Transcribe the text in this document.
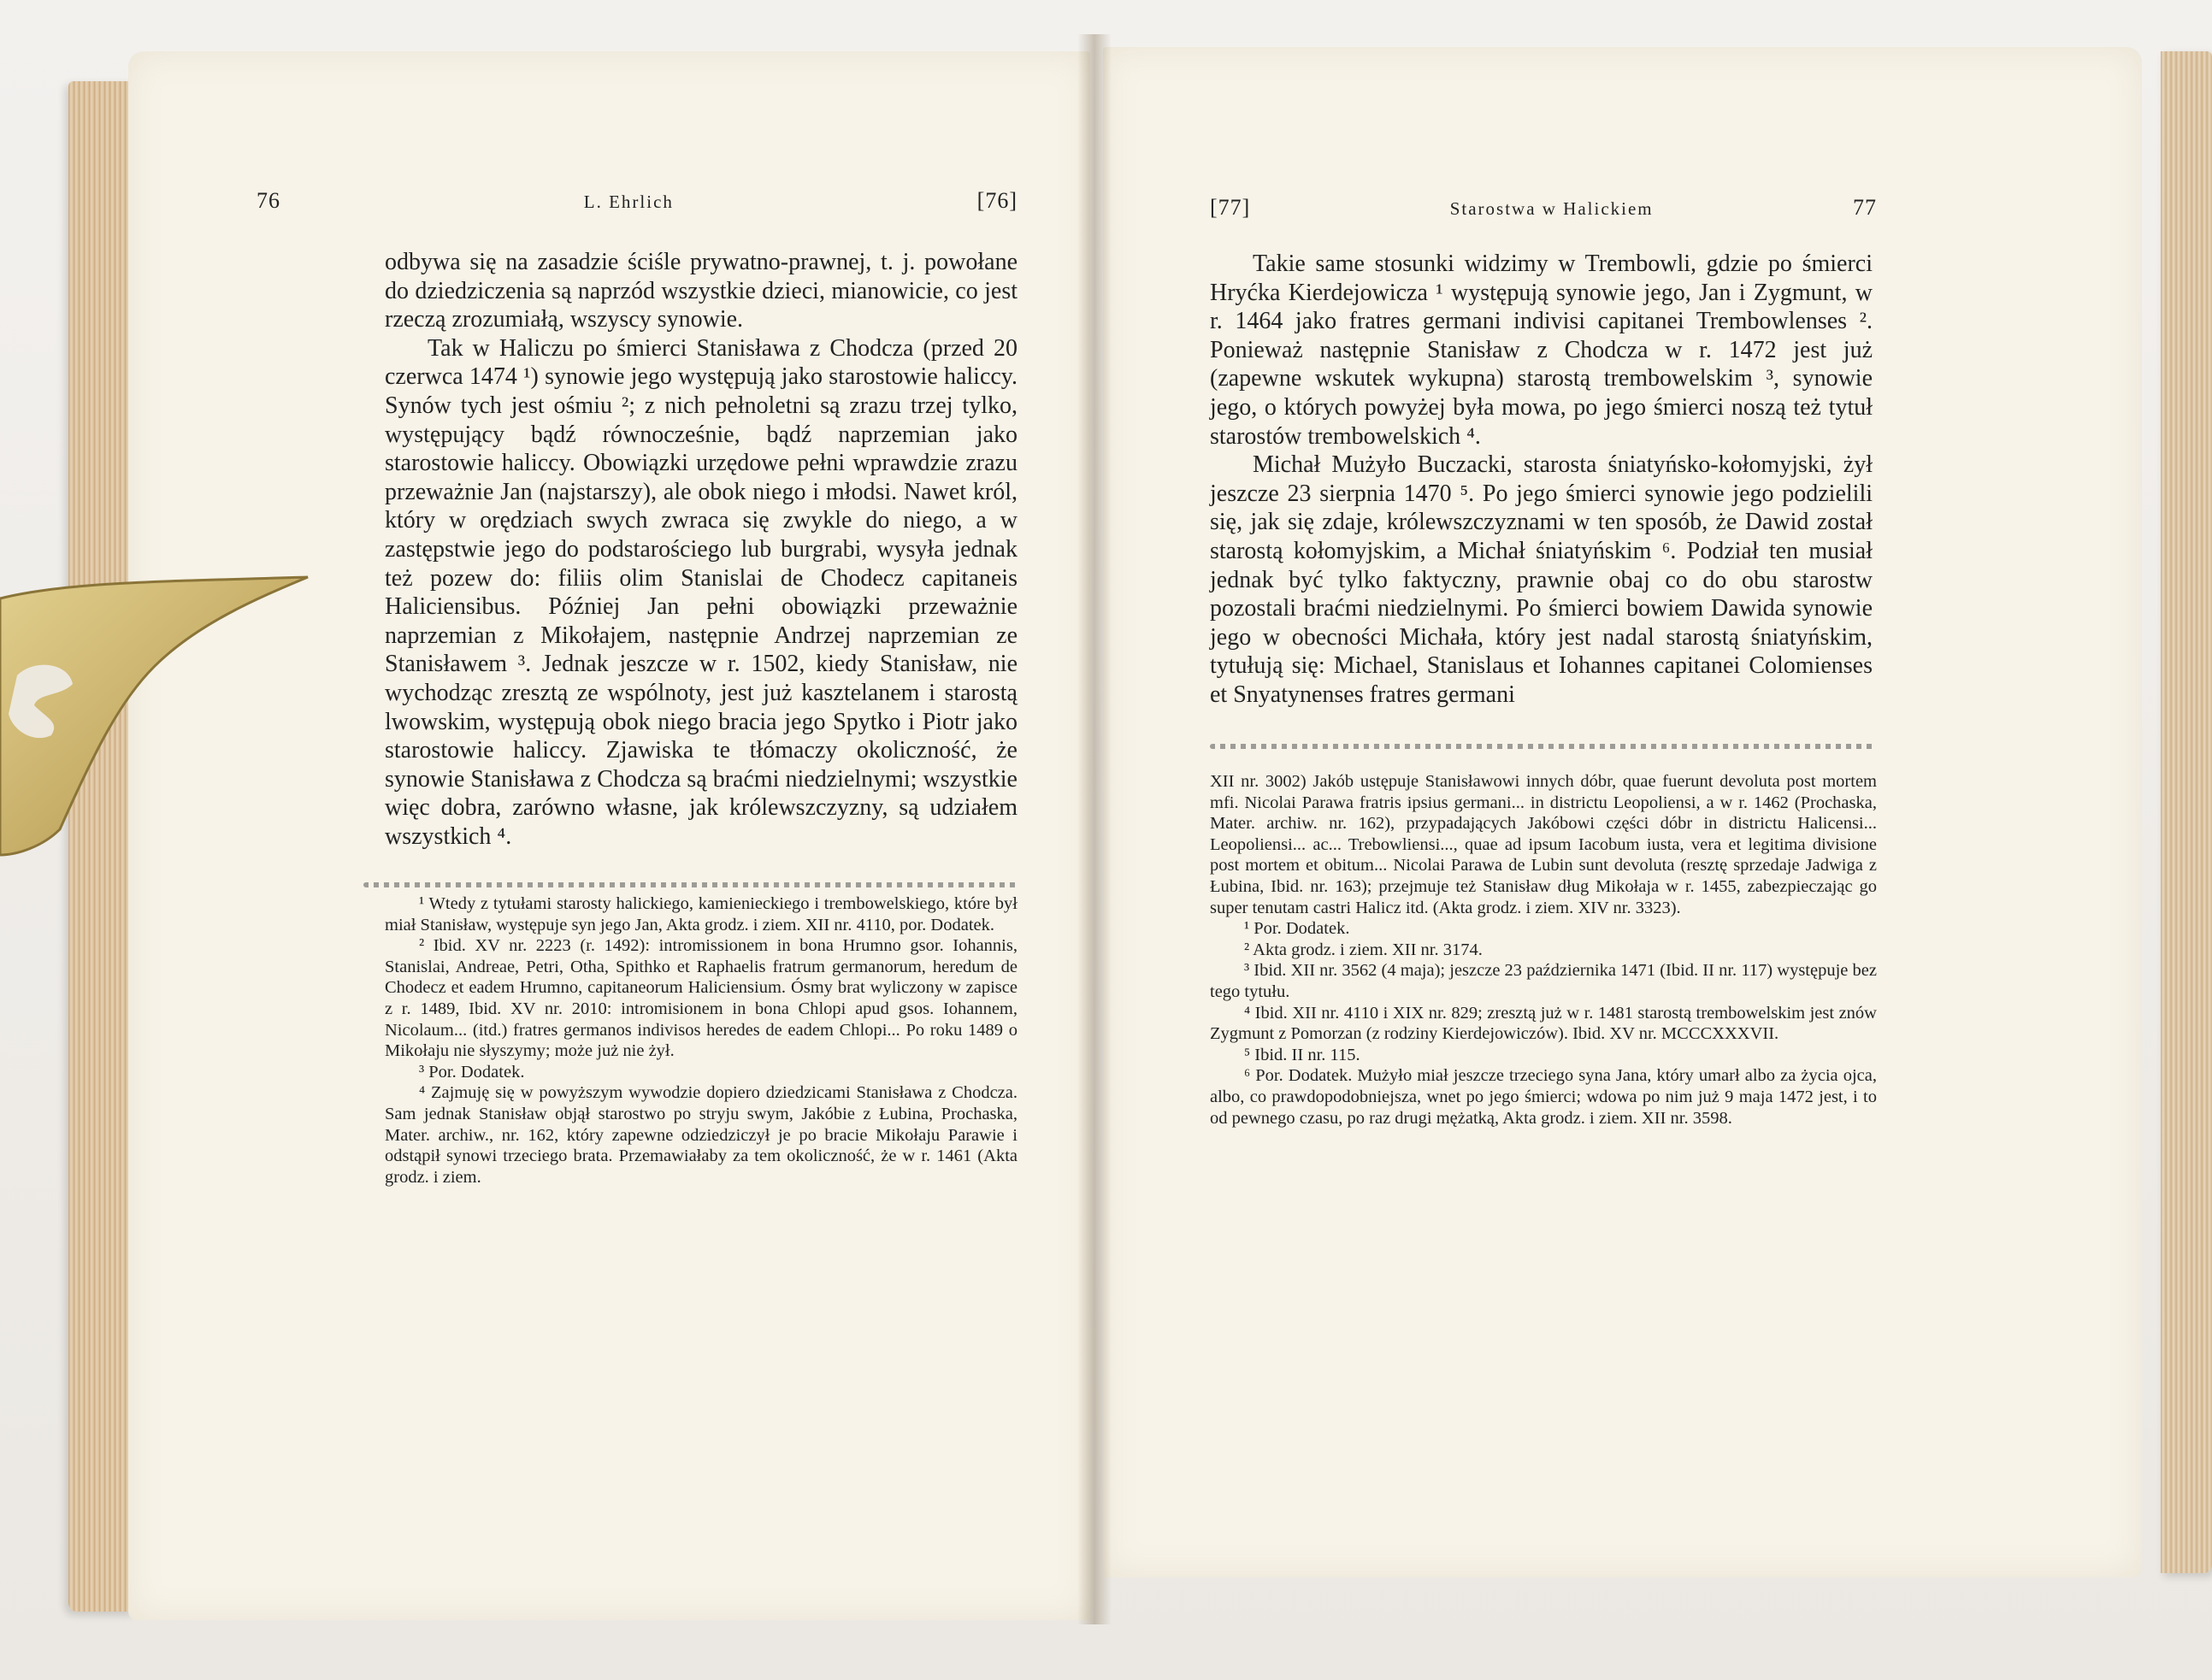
76	L. Ehrlich	[76]

odbywa się na zasadzie ściśle prywatno-prawnej, t. j. powołane do dziedziczenia są naprzód wszystkie dzieci, mianowicie, co jest rzeczą zrozumiałą, wszyscy synowie.

Tak w Haliczu po śmierci Stanisława z Chodcza (przed 20 czerwca 1474 ¹) synowie jego występują jako starostowie haliccy. Synów tych jest ośmiu ²; z nich pełnoletni są zrazu trzej tylko, występujący bądź równocześnie, bądź naprzemian jako starostowie haliccy. Obowiązki urzędowe pełni wprawdzie zrazu przeważnie Jan (najstarszy), ale obok niego i młodsi. Nawet król, który w orędziach swych zwraca się zwykle do niego, a w zastępstwie jego do podstarościego lub burgrabi, wysyła jednak też pozew do: filiis olim Stanislai de Chodecz capitaneis Haliciensibus. Później Jan pełni obowiązki przeważnie naprzemian z Mikołajem, następnie Andrzej naprzemian ze Stanisławem ³. Jednak jeszcze w r. 1502, kiedy Stanisław, nie wychodząc zresztą ze wspólnoty, jest już kasztelanem i starostą lwowskim, występują obok niego bracia jego Spytko i Piotr jako starostowie haliccy. Zjawiska te tłómaczy okoliczność, że synowie Stanisława z Chodcza są braćmi niedzielnymi; wszystkie więc dobra, zarówno własne, jak królewszczyzny, są udziałem wszystkich ⁴.

¹ Wtedy z tytułami starosty halickiego, kamienieckiego i trembowelskiego, które był miał Stanisław, występuje syn jego Jan, Akta grodz. i ziem. XII nr. 4110, por. Dodatek.

² Ibid. XV nr. 2223 (r. 1492): intromissionem in bona Hrumno gsor. Iohannis, Stanislai, Andreae, Petri, Otha, Spithko et Raphaelis fratrum germanorum, heredum de Chodecz et eadem Hrumno, capitaneorum Haliciensium. Ósmy brat wyliczony w zapisce z r. 1489, Ibid. XV nr. 2010: intromisionem in bona Chlopi apud gsos. Iohannem, Nicolaum... (itd.) fratres germanos indivisos heredes de eadem Chlopi... Po roku 1489 o Mikołaju nie słyszymy; może już nie żył.

³ Por. Dodatek.

⁴ Zajmuję się w powyższym wywodzie dopiero dziedzicami Stanisława z Chodcza. Sam jednak Stanisław objął starostwo po stryju swym, Jakóbie z Łubina, Prochaska, Mater. archiw., nr. 162, który zapewne odziedziczył je po bracie Mikołaju Parawie i odstąpił synowi trzeciego brata. Przemawiałaby za tem okoliczność, że w r. 1461 (Akta grodz. i ziem.

[77]	Starostwa w Halickiem	77

Takie same stosunki widzimy w Trembowli, gdzie po śmierci Hryćka Kierdejowicza ¹ występują synowie jego, Jan i Zygmunt, w r. 1464 jako fratres germani indivisi capitanei Trembowlenses ². Ponieważ następnie Stanisław z Chodcza w r. 1472 jest już (zapewne wskutek wykupna) starostą trembowelskim ³, synowie jego, o których powyżej była mowa, po jego śmierci noszą też tytuł starostów trembowelskich ⁴.

Michał Mużyło Buczacki, starosta śniatyńsko-kołomyjski, żył jeszcze 23 sierpnia 1470 ⁵. Po jego śmierci synowie jego podzielili się, jak się zdaje, królewszczyznami w ten sposób, że Dawid został starostą kołomyjskim, a Michał śniatyńskim ⁶. Podział ten musiał jednak być tylko faktyczny, prawnie obaj co do obu starostw pozostali braćmi niedzielnymi. Po śmierci bowiem Dawida synowie jego w obecności Michała, który jest nadal starostą śniatyńskim, tytułują się: Michael, Stanislaus et Iohannes capitanei Colomienses et Snyatynenses fratres germani

XII nr. 3002) Jakób ustępuje Stanisławowi innych dóbr, quae fuerunt devoluta post mortem mfi. Nicolai Parawa fratris ipsius germani... in districtu Leopoliensi, a w r. 1462 (Prochaska, Mater. archiw. nr. 162), przypadających Jakóbowi części dóbr in districtu Halicensi... Leopoliensi... ac... Trebowliensi..., quae ad ipsum Iacobum iusta, vera et legitima divisione post mortem et obitum... Nicolai Parawa de Lubin sunt devoluta (resztę sprzedaje Jadwiga z Łubina, Ibid. nr. 163); przejmuje też Stanisław dług Mikołaja w r. 1455, zabezpieczając go super tenutam castri Halicz itd. (Akta grodz. i ziem. XIV nr. 3323).

¹ Por. Dodatek.

² Akta grodz. i ziem. XII nr. 3174.

³ Ibid. XII nr. 3562 (4 maja); jeszcze 23 października 1471 (Ibid. II nr. 117) występuje bez tego tytułu.

⁴ Ibid. XII nr. 4110 i XIX nr. 829; zresztą już w r. 1481 starostą trembowelskim jest znów Zygmunt z Pomorzan (z rodziny Kierdejowiczów). Ibid. XV nr. MCCCXXXVII.

⁵ Ibid. II nr. 115.

⁶ Por. Dodatek. Mużyło miał jeszcze trzeciego syna Jana, który umarł albo za życia ojca, albo, co prawdopodobniejsza, wnet po jego śmierci; wdowa po nim już 9 maja 1472 jest, i to od pewnego czasu, po raz drugi mężatką, Akta grodz. i ziem. XII nr. 3598.
